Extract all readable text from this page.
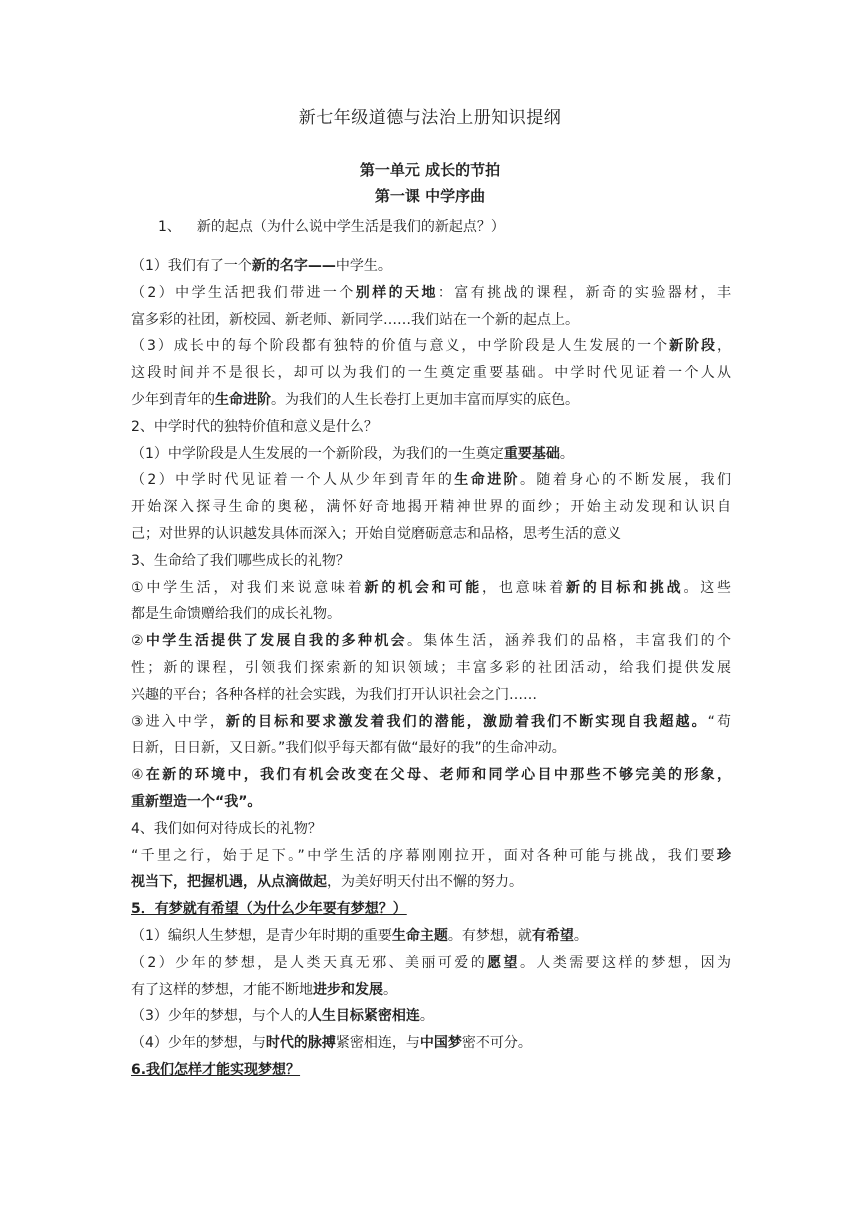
新七年级道德与法治上册知识提纲
第一单元 成长的节拍
第一课 中学序曲
1、 新的起点（为什么说中学生活是我们的新起点？）
（1）我们有了一个新的名字——中学生。
（2）中学生活把我们带进一个别样的天地：富有挑战的课程，新奇的实验器材，丰
富多彩的社团，新校园、新老师、新同学……我们站在一个新的起点上。
（3）成长中的每个阶段都有独特的价值与意义，中学阶段是人生发展的一个新阶段，
这段时间并不是很长，却可以为我们的一生奠定重要基础。中学时代见证着一个人从
少年到青年的生命进阶。为我们的人生长卷打上更加丰富而厚实的底色。
2、中学时代的独特价值和意义是什么？
（1）中学阶段是人生发展的一个新阶段，为我们的一生奠定重要基础。
（2）中学时代见证着一个人从少年到青年的生命进阶。随着身心的不断发展，我们
开始深入探寻生命的奥秘，满怀好奇地揭开精神世界的面纱；开始主动发现和认识自
己；对世界的认识越发具体而深入；开始自觉磨砺意志和品格，思考生活的意义
3、生命给了我们哪些成长的礼物？
①中学生活，对我们来说意味着新的机会和可能，也意味着新的目标和挑战。这些
都是生命馈赠给我们的成长礼物。
②中学生活提供了发展自我的多种机会。集体生活，涵养我们的品格，丰富我们的个
性；新的课程，引领我们探索新的知识领域；丰富多彩的社团活动，给我们提供发展
兴趣的平台；各种各样的社会实践，为我们打开认识社会之门……
③进入中学，新的目标和要求激发着我们的潜能，激励着我们不断实现自我超越。“苟
日新，日日新，又日新。”我们似乎每天都有做“最好的我”的生命冲动。
④在新的环境中，我们有机会改变在父母、老师和同学心目中那些不够完美的形象，
重新塑造一个“我”。
4、我们如何对待成长的礼物？
“千里之行，始于足下。”中学生活的序幕刚刚拉开，面对各种可能与挑战，我们要珍
视当下，把握机遇，从点滴做起，为美好明天付出不懈的努力。
5．有梦就有希望（为什么少年要有梦想？）
（1）编织人生梦想，是青少年时期的重要生命主题。有梦想，就有希望。
（2）少年的梦想，是人类天真无邪、美丽可爱的愿望。人类需要这样的梦想，因为
有了这样的梦想，才能不断地进步和发展。
（3）少年的梦想，与个人的人生目标紧密相连。
（4）少年的梦想，与时代的脉搏紧密相连，与中国梦密不可分。
6.我们怎样才能实现梦想？
